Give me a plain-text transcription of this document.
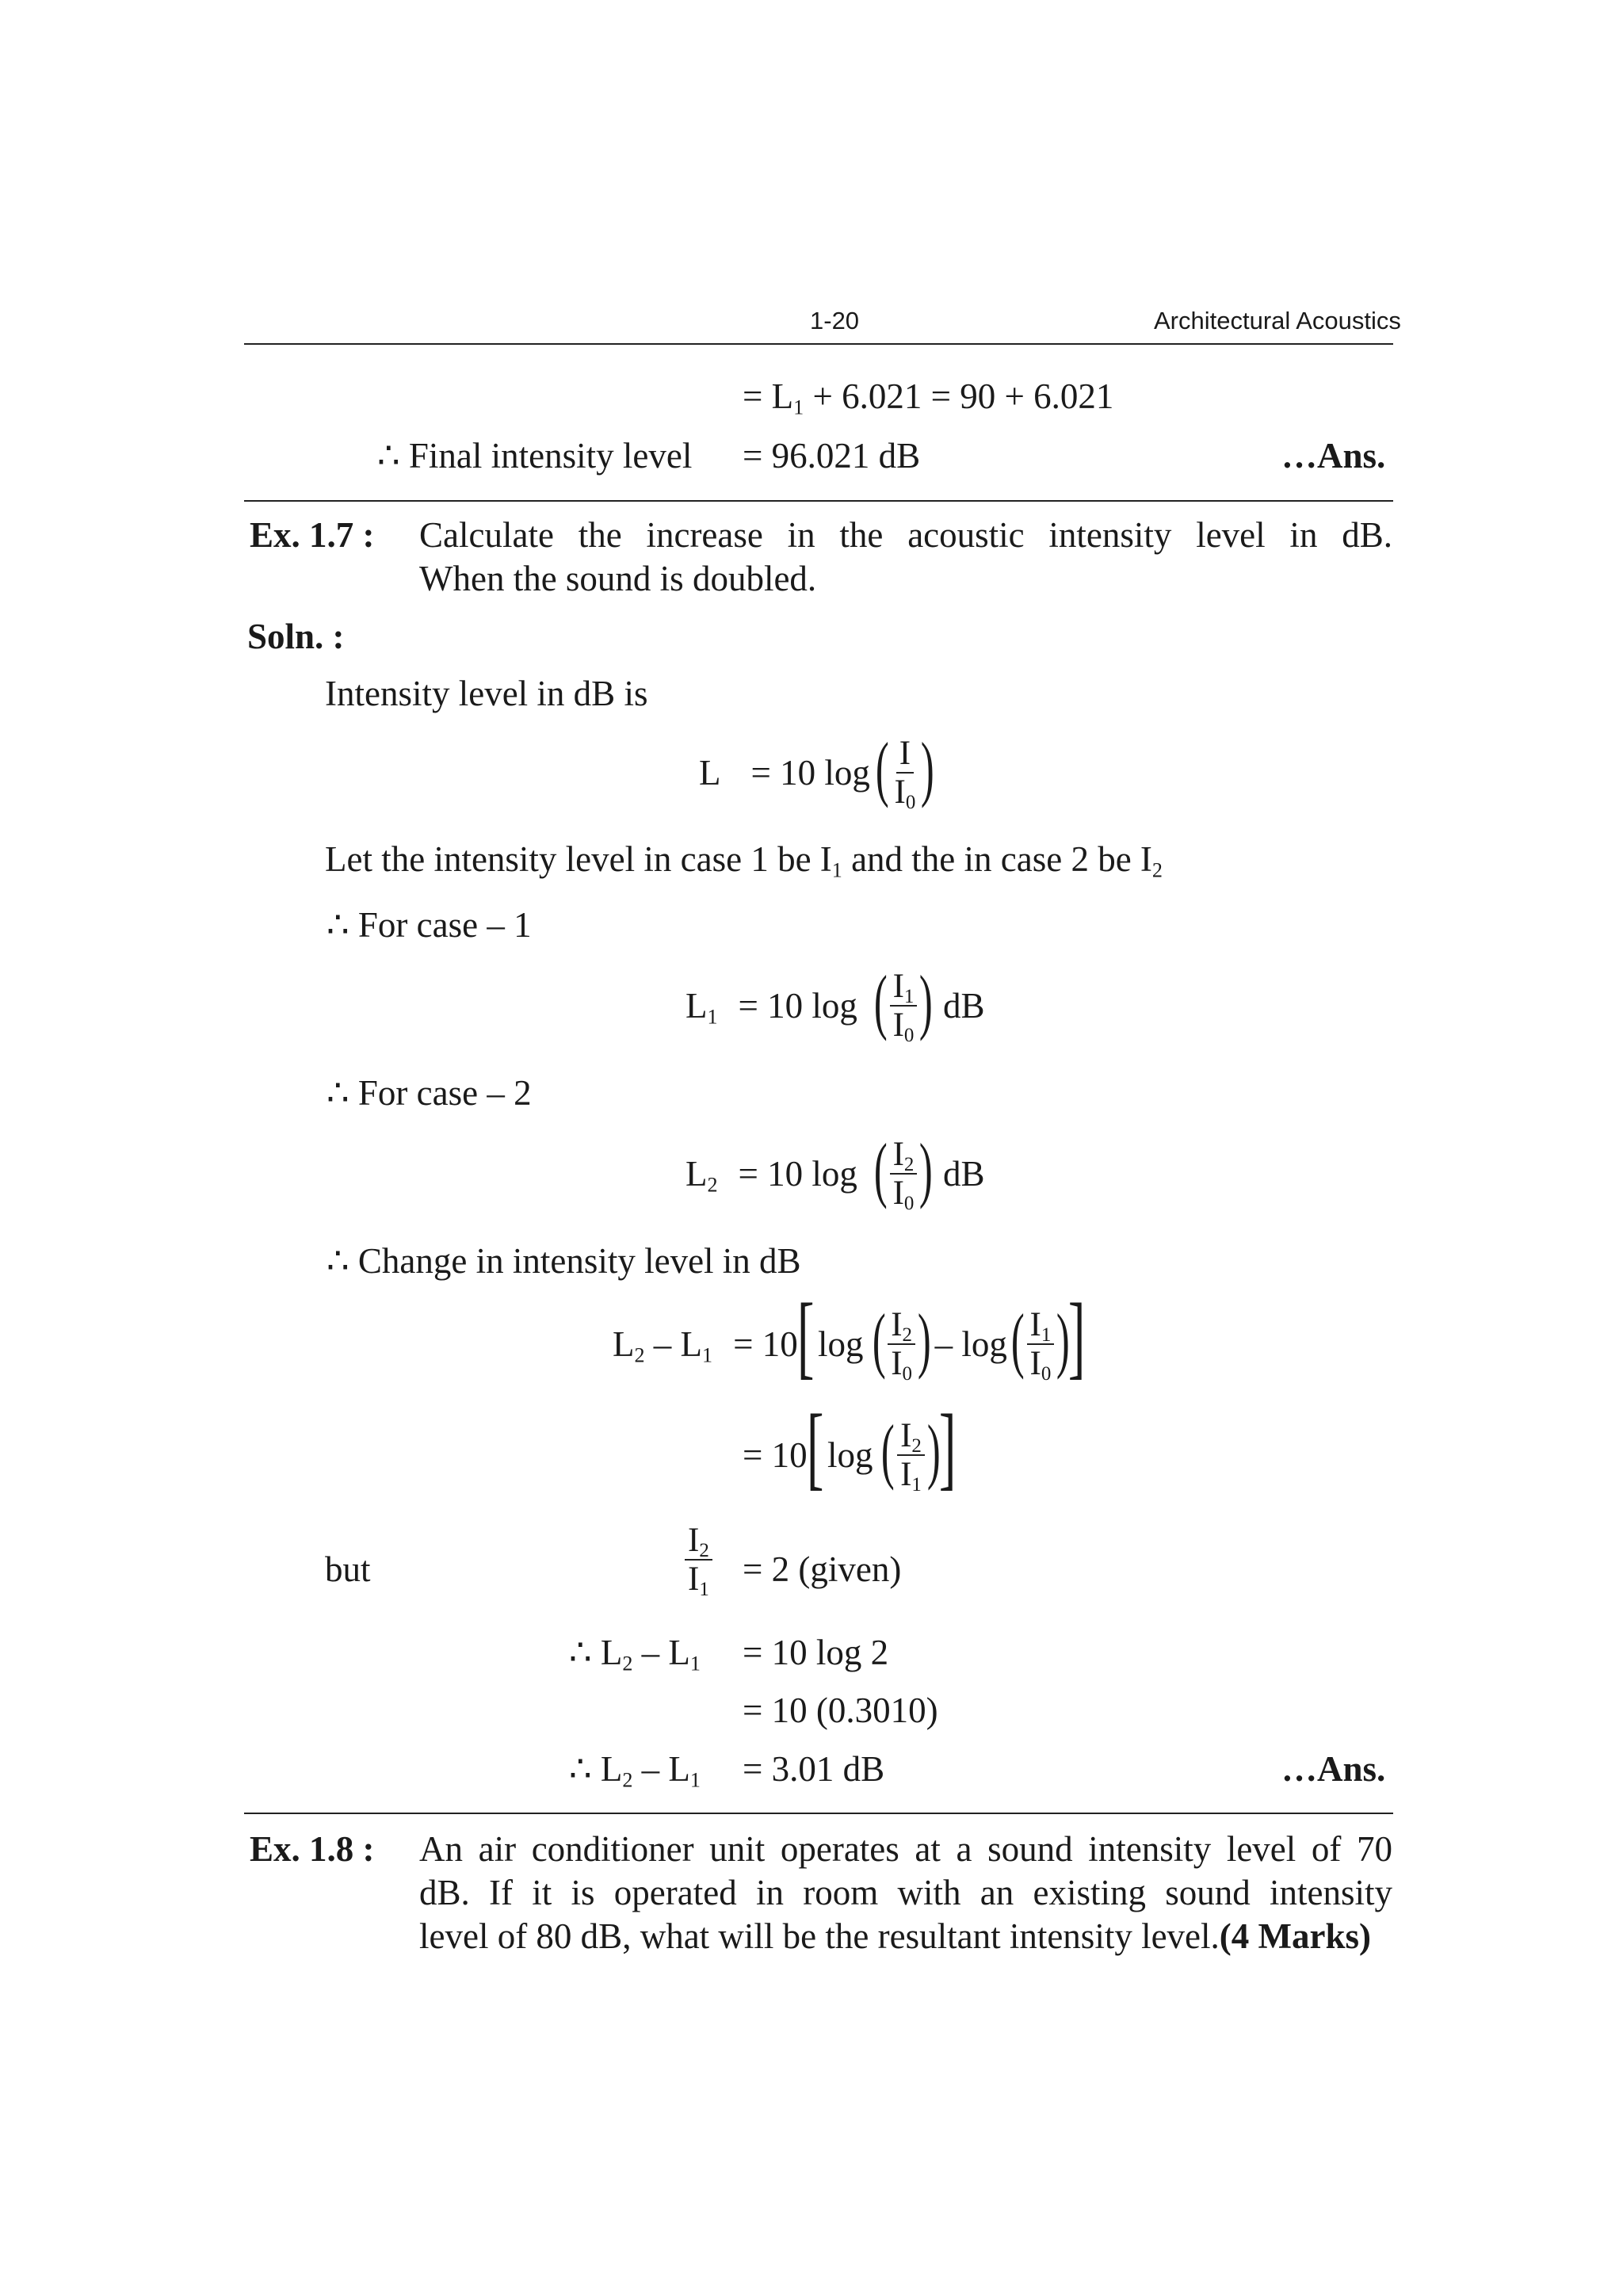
1-20	Architectural Acoustics
= $L_1 + 6.021 = 90 + 6.021$
∴ Final intensity level = 96.021 dB	…Ans.
Ex. 1.7 : Calculate the increase in the acoustic intensity level in dB.
When the sound is doubled.
Soln. :
Intensity level in dB is
L = 10 log ( $\frac{I}{I_0}$ )
Let the intensity level in case 1 be $I_1$ and the in case 2 be $I_2$
∴ For case – 1
$L_1 = 10$ log ( $\frac{I_1}{I_0}$ ) dB
∴ For case – 2
$L_2 = 10$ log ( $\frac{I_2}{I_0}$ ) dB
∴ Change in intensity level in dB
$L_2 - L_1 = 10$
[ log ( $\frac{I_2}{I_0}$ ) – log ( $\frac{I_1}{I_0}$ )
]
= 10
[ log ( $\frac{I_2}{I_1}$ )
]
but	$\frac{I_2}{I_1} = 2$ (given)
∴ $L_2 - L_1 = 10$ log 2
= 10 (0.3010)
∴ $L_2 - L_1 = 3.01$ dB	…Ans.
Ex. 1.8 : An air conditioner unit operates at a sound intensity level of 70
dB. If it is operated in room with an existing sound intensity
level of 80 dB, what will be the resultant intensity level.(4 Marks)
